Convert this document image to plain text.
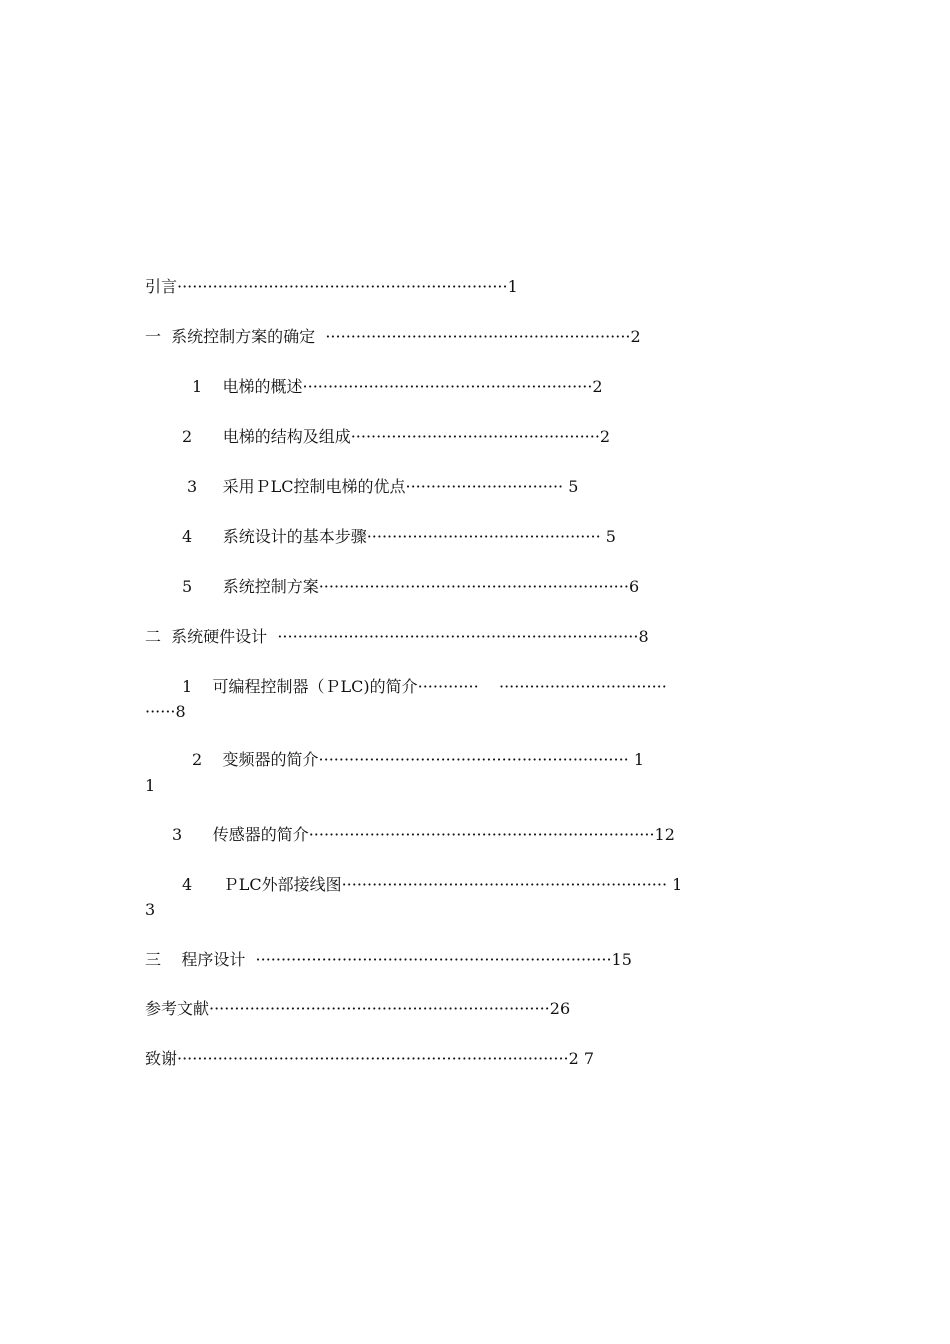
引言·································································1
一  系统控制方案的确定  ····························································2
1    电梯的概述·························································2
2      电梯的结构及组成·················································2
3     采用ＰLC控制电梯的优点······························· 5
4      系统设计的基本步骤·············································· 5
5      系统控制方案·····························································6
二  系统硬件设计  ·······································································8
1    可编程控制器（ＰLC)的简介············    ·································
······8
2    变频器的简介····························································· 1
1
3      传感器的简介····································································12
4      ＰLC外部接线图································································ 1
3
三    程序设计  ······································································15
参考文献···································································26
致谢·············································································2 7
